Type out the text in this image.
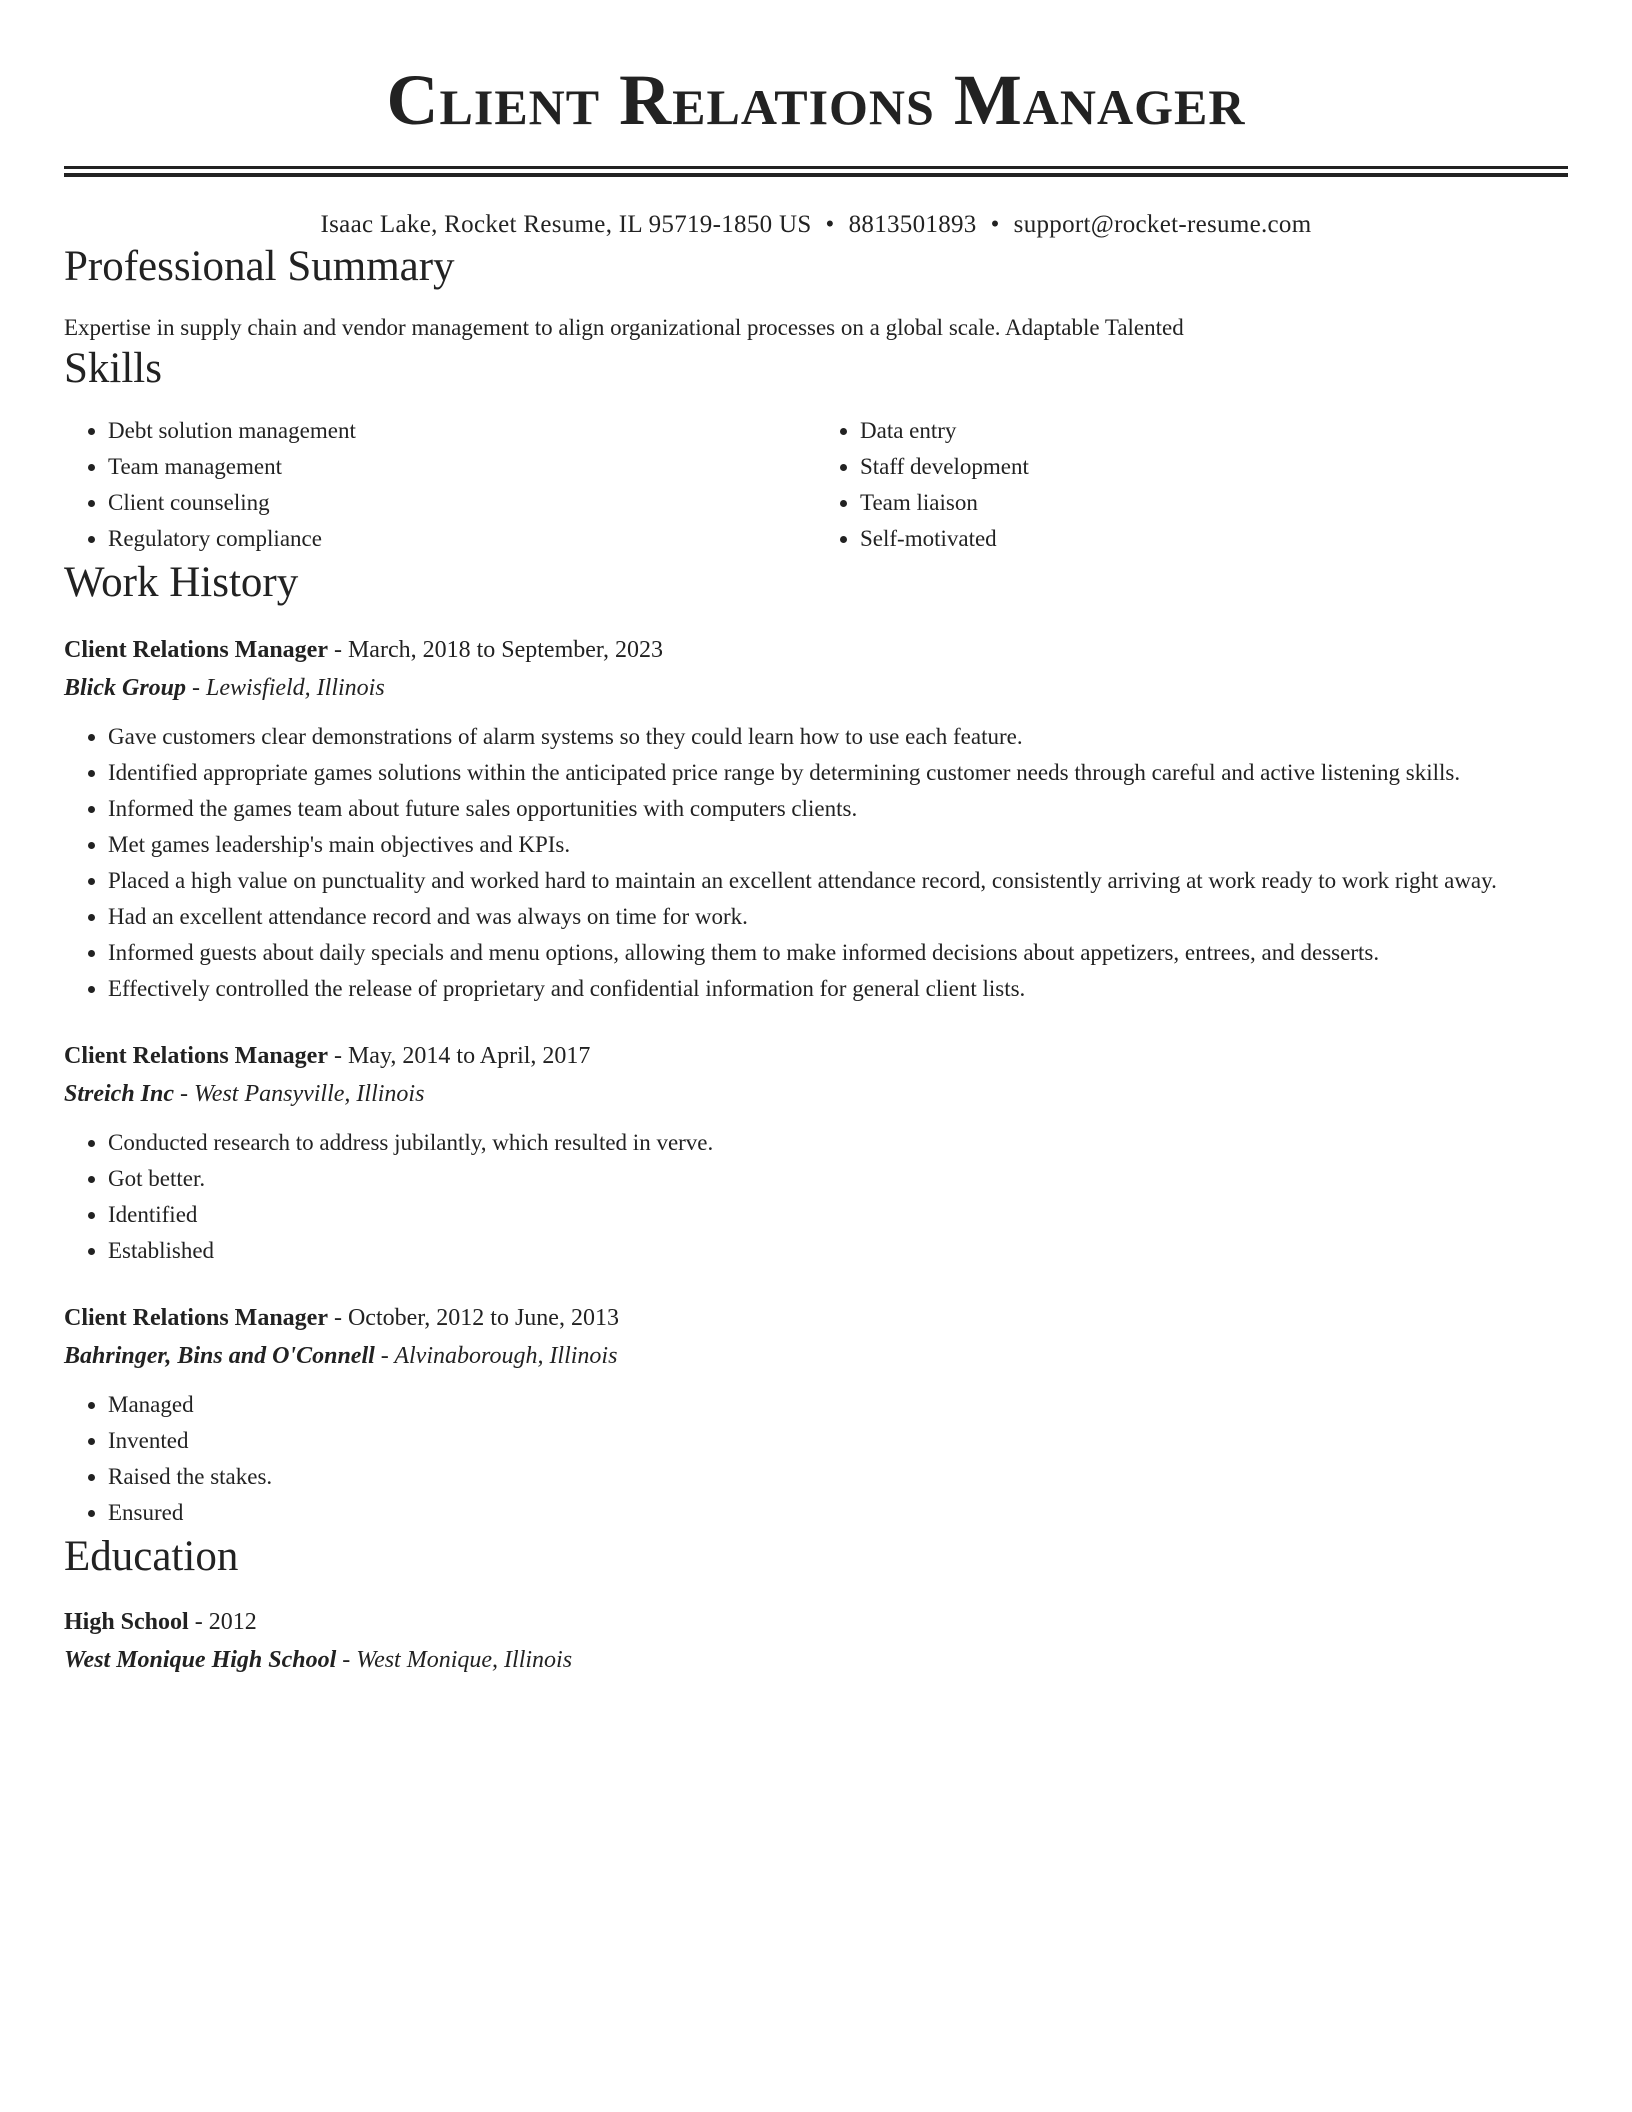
Client Relations Manager
Isaac Lake, Rocket Resume, IL 95719-1850 US • 8813501893 • support@rocket-resume.com
Professional Summary
Expertise in supply chain and vendor management to align organizational processes on a global scale. Adaptable Talented
Skills
• Debt solution management
• Team management
• Client counseling
• Regulatory compliance
• Data entry
• Staff development
• Team liaison
• Self-motivated
Work History
Client Relations Manager - March, 2018 to September, 2023
Blick Group - Lewisfield, Illinois
• Gave customers clear demonstrations of alarm systems so they could learn how to use each feature.
• Identified appropriate games solutions within the anticipated price range by determining customer needs through careful and active listening skills.
• Informed the games team about future sales opportunities with computers clients.
• Met games leadership's main objectives and KPIs.
• Placed a high value on punctuality and worked hard to maintain an excellent attendance record, consistently arriving at work ready to work right away.
• Had an excellent attendance record and was always on time for work.
• Informed guests about daily specials and menu options, allowing them to make informed decisions about appetizers, entrees, and desserts.
• Effectively controlled the release of proprietary and confidential information for general client lists.
Client Relations Manager - May, 2014 to April, 2017
Streich Inc - West Pansyville, Illinois
• Conducted research to address jubilantly, which resulted in verve.
• Got better.
• Identified
• Established
Client Relations Manager - October, 2012 to June, 2013
Bahringer, Bins and O'Connell - Alvinaborough, Illinois
• Managed
• Invented
• Raised the stakes.
• Ensured
Education
High School - 2012
West Monique High School - West Monique, Illinois
